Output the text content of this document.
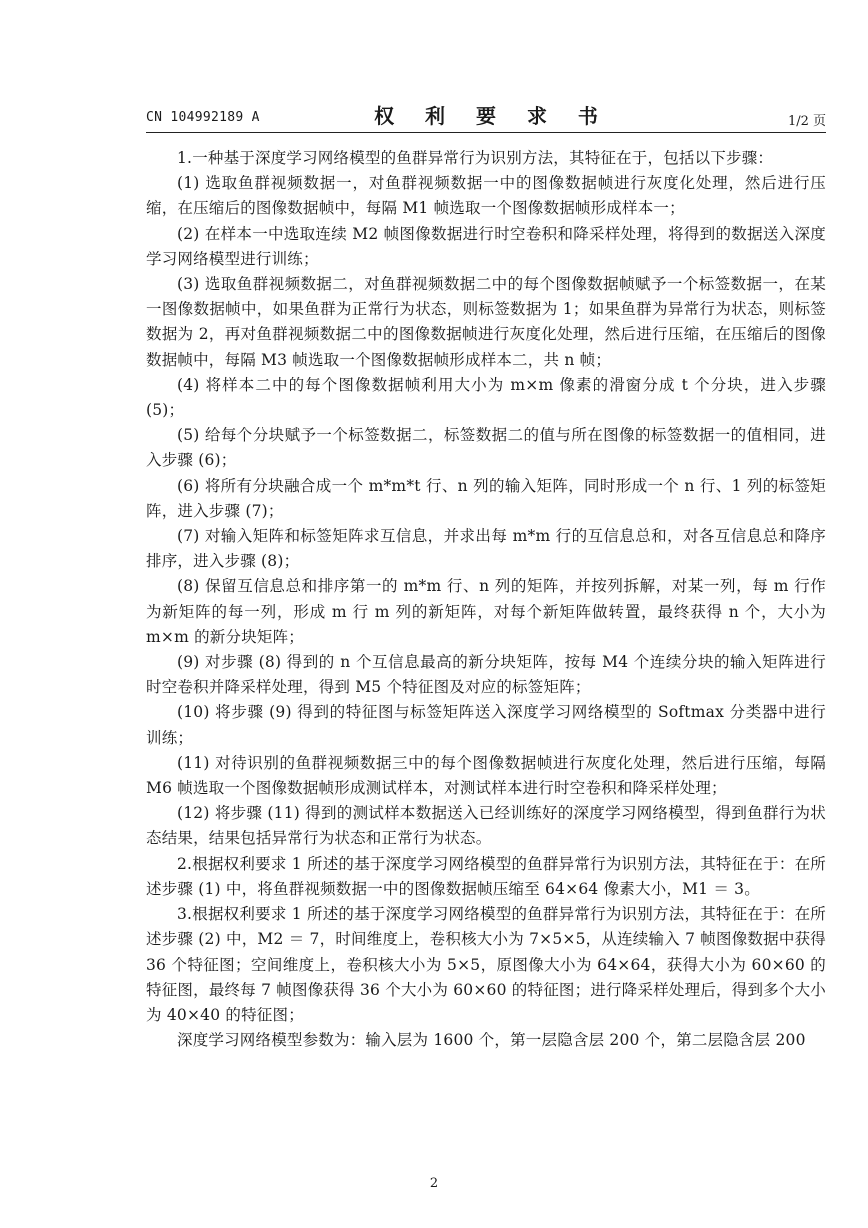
CN 104992189 A	权 利 要 求 书	1/2 页

1.一种基于深度学习网络模型的鱼群异常行为识别方法，其特征在于，包括以下步骤：

(1) 选取鱼群视频数据一，对鱼群视频数据一中的图像数据帧进行灰度化处理，然后进行压缩，在压缩后的图像数据帧中，每隔 M1 帧选取一个图像数据帧形成样本一；

(2) 在样本一中选取连续 M2 帧图像数据进行时空卷积和降采样处理，将得到的数据送入深度学习网络模型进行训练；

(3) 选取鱼群视频数据二，对鱼群视频数据二中的每个图像数据帧赋予一个标签数据一，在某一图像数据帧中，如果鱼群为正常行为状态，则标签数据为 1；如果鱼群为异常行为状态，则标签数据为 2，再对鱼群视频数据二中的图像数据帧进行灰度化处理，然后进行压缩，在压缩后的图像数据帧中，每隔 M3 帧选取一个图像数据帧形成样本二，共 n 帧；

(4) 将样本二中的每个图像数据帧利用大小为 m×m 像素的滑窗分成 t 个分块，进入步骤 (5)；

(5) 给每个分块赋予一个标签数据二，标签数据二的值与所在图像的标签数据一的值相同，进入步骤 (6)；

(6) 将所有分块融合成一个 m*m*t 行、n 列的输入矩阵，同时形成一个 n 行、1 列的标签矩阵，进入步骤 (7)；

(7) 对输入矩阵和标签矩阵求互信息，并求出每 m*m 行的互信息总和，对各互信息总和降序排序，进入步骤 (8)；

(8) 保留互信息总和排序第一的 m*m 行、n 列的矩阵，并按列拆解，对某一列，每 m 行作为新矩阵的每一列，形成 m 行 m 列的新矩阵，对每个新矩阵做转置，最终获得 n 个，大小为 m×m 的新分块矩阵；

(9) 对步骤 (8) 得到的 n 个互信息最高的新分块矩阵，按每 M4 个连续分块的输入矩阵进行时空卷积并降采样处理，得到 M5 个特征图及对应的标签矩阵；

(10) 将步骤 (9) 得到的特征图与标签矩阵送入深度学习网络模型的 Softmax 分类器中进行训练；

(11) 对待识别的鱼群视频数据三中的每个图像数据帧进行灰度化处理，然后进行压缩，每隔 M6 帧选取一个图像数据帧形成测试样本，对测试样本进行时空卷积和降采样处理；

(12) 将步骤 (11) 得到的测试样本数据送入已经训练好的深度学习网络模型，得到鱼群行为状态结果，结果包括异常行为状态和正常行为状态。

2.根据权利要求 1 所述的基于深度学习网络模型的鱼群异常行为识别方法，其特征在于：在所述步骤 (1) 中，将鱼群视频数据一中的图像数据帧压缩至 64×64 像素大小，M1 ＝ 3。

3.根据权利要求 1 所述的基于深度学习网络模型的鱼群异常行为识别方法，其特征在于：在所述步骤 (2) 中，M2 ＝ 7，时间维度上，卷积核大小为 7×5×5，从连续输入 7 帧图像数据中获得 36 个特征图；空间维度上，卷积核大小为 5×5，原图像大小为 64×64，获得大小为 60×60 的特征图，最终每 7 帧图像获得 36 个大小为 60×60 的特征图；进行降采样处理后，得到多个大小为 40×40 的特征图；

深度学习网络模型参数为：输入层为 1600 个，第一层隐含层 200 个，第二层隐含层 200

2
